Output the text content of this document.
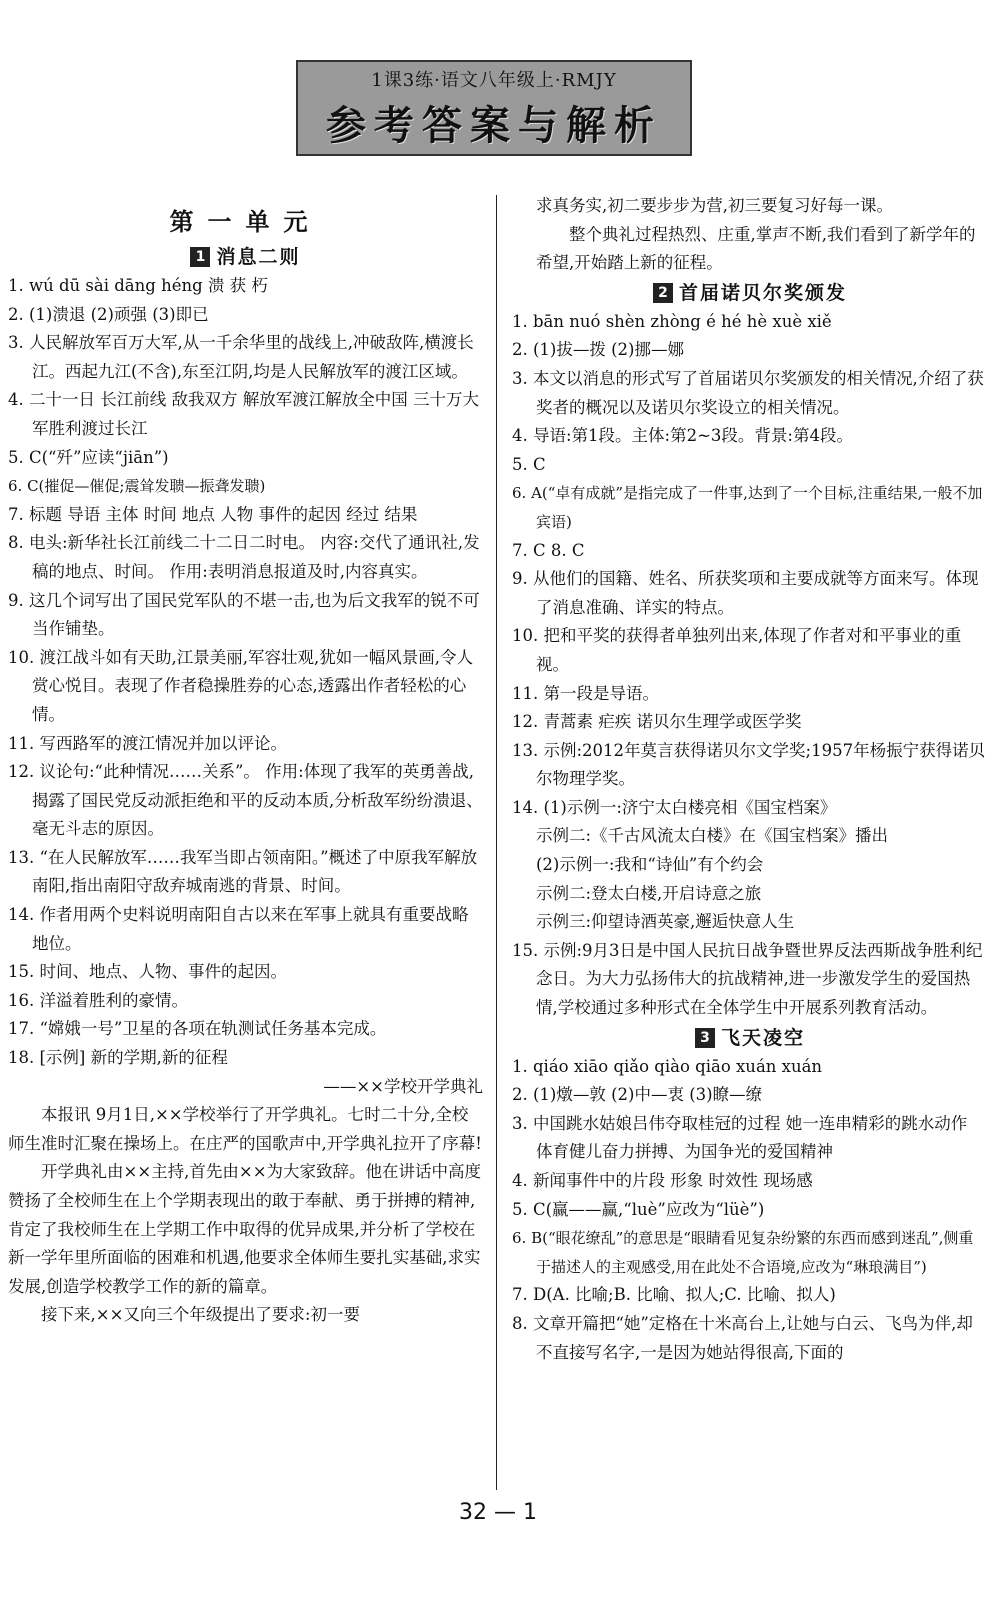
1课3练·语文八年级上·RMJY
参考答案与解析
第一单元
1 消息二则
1. wú dū sài dāng héng 溃 获 朽
2. (1)溃退 (2)顽强 (3)即已
3. 人民解放军百万大军,从一千余华里的战线上,冲破敌阵,横渡长江。西起九江(不含),东至江阴,均是人民解放军的渡江区域。
4. 二十一日 长江前线 敌我双方 解放军渡江解放全中国 三十万大军胜利渡过长江
5. C(“歼”应读“jiān”)
6. C(摧促—催促;震耸发聩—振聋发聩)
7. 标题 导语 主体 时间 地点 人物 事件的起因 经过 结果
8. 电头:新华社长江前线二十二日二时电。 内容:交代了通讯社,发稿的地点、时间。 作用:表明消息报道及时,内容真实。
9. 这几个词写出了国民党军队的不堪一击,也为后文我军的锐不可当作铺垫。
10. 渡江战斗如有天助,江景美丽,军容壮观,犹如一幅风景画,令人赏心悦目。表现了作者稳操胜券的心态,透露出作者轻松的心情。
11. 写西路军的渡江情况并加以评论。
12. 议论句:“此种情况……关系”。 作用:体现了我军的英勇善战,揭露了国民党反动派拒绝和平的反动本质,分析敌军纷纷溃退、毫无斗志的原因。
13. “在人民解放军……我军当即占领南阳。”概述了中原我军解放南阳,指出南阳守敌弃城南逃的背景、时间。
14. 作者用两个史料说明南阳自古以来在军事上就具有重要战略地位。
15. 时间、地点、人物、事件的起因。
16. 洋溢着胜利的豪情。
17. “嫦娥一号”卫星的各项在轨测试任务基本完成。
18. [示例] 新的学期,新的征程
——××学校开学典礼
本报讯 9月1日,××学校举行了开学典礼。七时二十分,全校师生准时汇聚在操场上。在庄严的国歌声中,开学典礼拉开了序幕!
开学典礼由××主持,首先由××为大家致辞。他在讲话中高度赞扬了全校师生在上个学期表现出的敢于奉献、勇于拼搏的精神,肯定了我校师生在上学期工作中取得的优异成果,并分析了学校在新一学年里所面临的困难和机遇,他要求全体师生要扎实基础,求实发展,创造学校教学工作的新的篇章。
接下来,××又向三个年级提出了要求:初一要
求真务实,初二要步步为营,初三要复习好每一课。
整个典礼过程热烈、庄重,掌声不断,我们看到了新学年的希望,开始踏上新的征程。
2 首届诺贝尔奖颁发
1. bān nuó shèn zhòng é hé hè xuè xiě
2. (1)拔—拨 (2)挪—娜
3. 本文以消息的形式写了首届诺贝尔奖颁发的相关情况,介绍了获奖者的概况以及诺贝尔奖设立的相关情况。
4. 导语:第1段。主体:第2~3段。背景:第4段。
5. C
6. A(“卓有成就”是指完成了一件事,达到了一个目标,注重结果,一般不加宾语)
7. C 8. C
9. 从他们的国籍、姓名、所获奖项和主要成就等方面来写。体现了消息准确、详实的特点。
10. 把和平奖的获得者单独列出来,体现了作者对和平事业的重视。
11. 第一段是导语。
12. 青蒿素 疟疾 诺贝尔生理学或医学奖
13. 示例:2012年莫言获得诺贝尔文学奖;1957年杨振宁获得诺贝尔物理学奖。
14. (1)示例一:济宁太白楼亮相《国宝档案》
示例二:《千古风流太白楼》在《国宝档案》播出
(2)示例一:我和“诗仙”有个约会
示例二:登太白楼,开启诗意之旅
示例三:仰望诗酒英豪,邂逅快意人生
15. 示例:9月3日是中国人民抗日战争暨世界反法西斯战争胜利纪念日。为大力弘扬伟大的抗战精神,进一步激发学生的爱国热情,学校通过多种形式在全体学生中开展系列教育活动。
3 飞天凌空
1. qiáo xiāo qiǎo qiào qiāo xuán xuán
2. (1)燉—敦 (2)中—衷 (3)瞭—缭
3. 中国跳水姑娘吕伟夺取桂冠的过程 她一连串精彩的跳水动作 体育健儿奋力拼搏、为国争光的爱国精神
4. 新闻事件中的片段 形象 时效性 现场感
5. C(赢——赢,“luè”应改为“lüè”)
6. B(“眼花缭乱”的意思是“眼睛看见复杂纷繁的东西而感到迷乱”,侧重于描述人的主观感受,用在此处不合语境,应改为“琳琅满目”)
7. D(A. 比喻;B. 比喻、拟人;C. 比喻、拟人)
8. 文章开篇把“她”定格在十米高台上,让她与白云、飞鸟为伴,却不直接写名字,一是因为她站得很高,下面的
32 — 1
